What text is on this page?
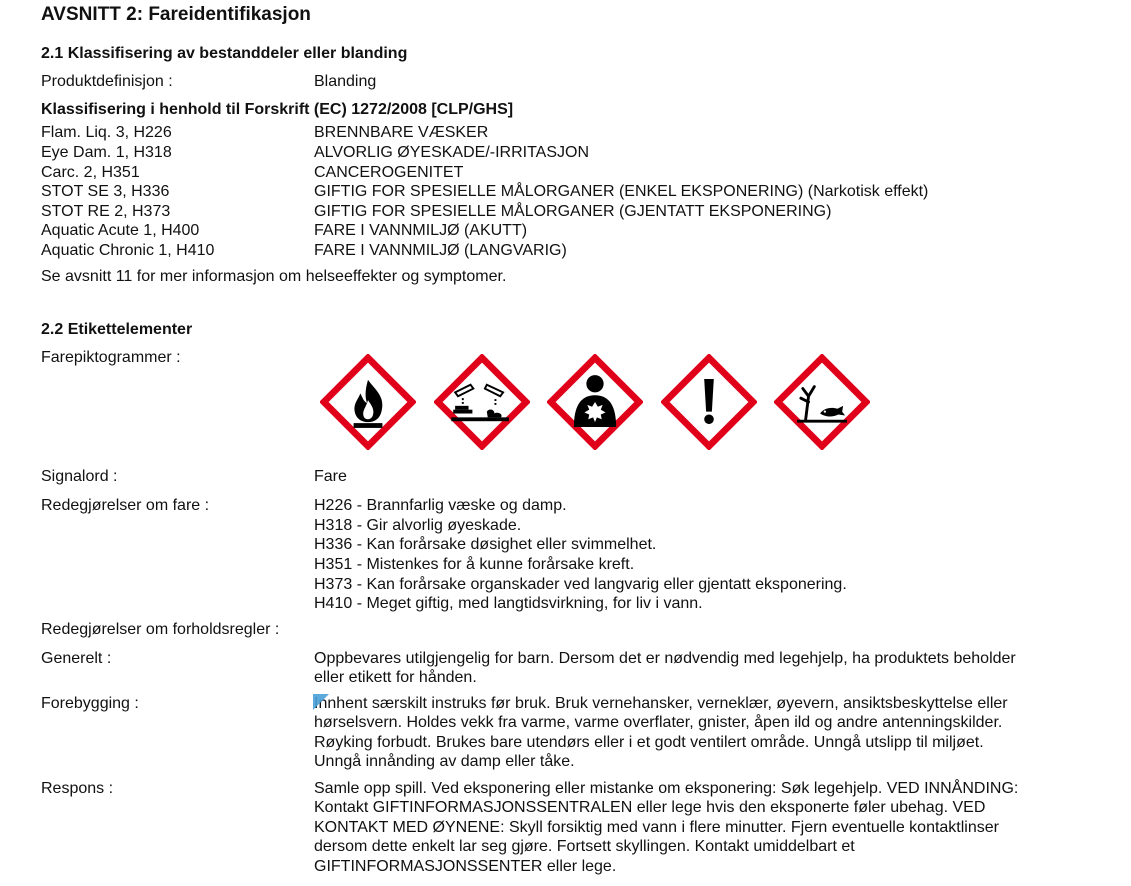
AVSNITT 2: Fareidentifikasjon
2.1 Klassifisering av bestanddeler eller blanding
Produktdefinisjon :	Blanding
Klassifisering i henhold til Forskrift (EC) 1272/2008 [CLP/GHS]
Flam. Liq. 3, H226	BRENNBARE VÆSKER
Eye Dam. 1, H318	ALVORLIG ØYESKADE/-IRRITASJON
Carc. 2, H351	CANCEROGENITET
STOT SE 3, H336	GIFTIG FOR SPESIELLE MÅLORGANER (ENKEL EKSPONERING) (Narkotisk effekt)
STOT RE 2, H373	GIFTIG FOR SPESIELLE MÅLORGANER (GJENTATT EKSPONERING)
Aquatic Acute 1, H400	FARE I VANNMILJØ (AKUTT)
Aquatic Chronic 1, H410	FARE I VANNMILJØ (LANGVARIG)
Se avsnitt 11 for mer informasjon om helseeffekter og symptomer.
2.2 Etikettelementer
Farepiktogrammer :
Signalord :	Fare
Redegjørelser om fare :	H226 - Brannfarlig væske og damp.
H318 - Gir alvorlig øyeskade.
H336 - Kan forårsake døsighet eller svimmelhet.
H351 - Mistenkes for å kunne forårsake kreft.
H373 - Kan forårsake organskader ved langvarig eller gjentatt eksponering.
H410 - Meget giftig, med langtidsvirkning, for liv i vann.
Redegjørelser om forholdsregler :
Generelt :	Oppbevares utilgjengelig for barn. Dersom det er nødvendig med legehjelp, ha produktets beholder
eller etikett for hånden.
Forebygging :	Innhent særskilt instruks før bruk. Bruk vernehansker, verneklær, øyevern, ansiktsbeskyttelse eller
hørselsvern. Holdes vekk fra varme, varme overflater, gnister, åpen ild og andre antenningskilder.
Røyking forbudt. Brukes bare utendørs eller i et godt ventilert område. Unngå utslipp til miljøet.
Unngå innånding av damp eller tåke.
Respons :	Samle opp spill. Ved eksponering eller mistanke om eksponering: Søk legehjelp. VED INNÅNDING:
Kontakt GIFTINFORMASJONSSENTRALEN eller lege hvis den eksponerte føler ubehag. VED
KONTAKT MED ØYNENE: Skyll forsiktig med vann i flere minutter. Fjern eventuelle kontaktlinser
dersom dette enkelt lar seg gjøre. Fortsett skyllingen. Kontakt umiddelbart et
GIFTINFORMASJONSSENTER eller lege.
